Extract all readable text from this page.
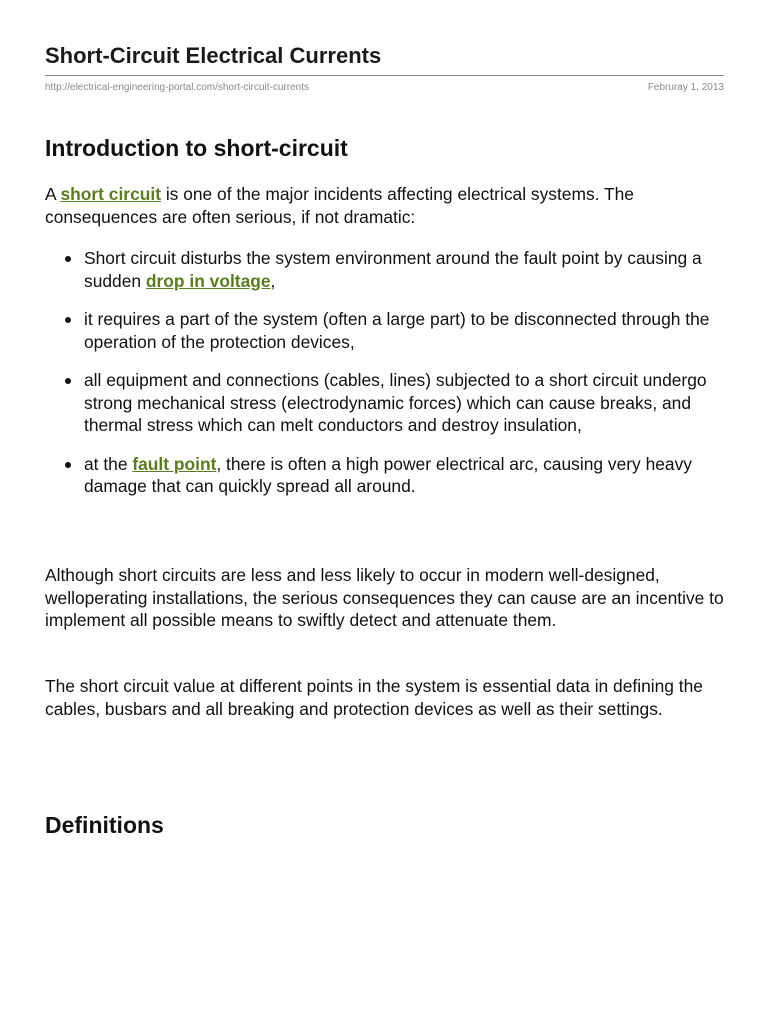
Short-Circuit Electrical Currents
http://electrical-engineering-portal.com/short-circuit-currents	Februray 1, 2013
Introduction to short-circuit

A short circuit is one of the major incidents affecting electrical systems. The consequences are often serious, if not dramatic:

Short circuit disturbs the system environment around the fault point by causing a sudden drop in voltage,
it requires a part of the system (often a large part) to be disconnected through the operation of the protection devices,
all equipment and connections (cables, lines) subjected to a short circuit undergo strong mechanical stress (electrodynamic forces) which can cause breaks, and thermal stress which can melt conductors and destroy insulation,
at the fault point, there is often a high power electrical arc, causing very heavy damage that can quickly spread all around.

Although short circuits are less and less likely to occur in modern well-designed, welloperating installations, the serious consequences they can cause are an incentive to implement all possible means to swiftly detect and attenuate them.

The short circuit value at different points in the system is essential data in defining the cables, busbars and all breaking and protection devices as well as their settings.

Definitions
